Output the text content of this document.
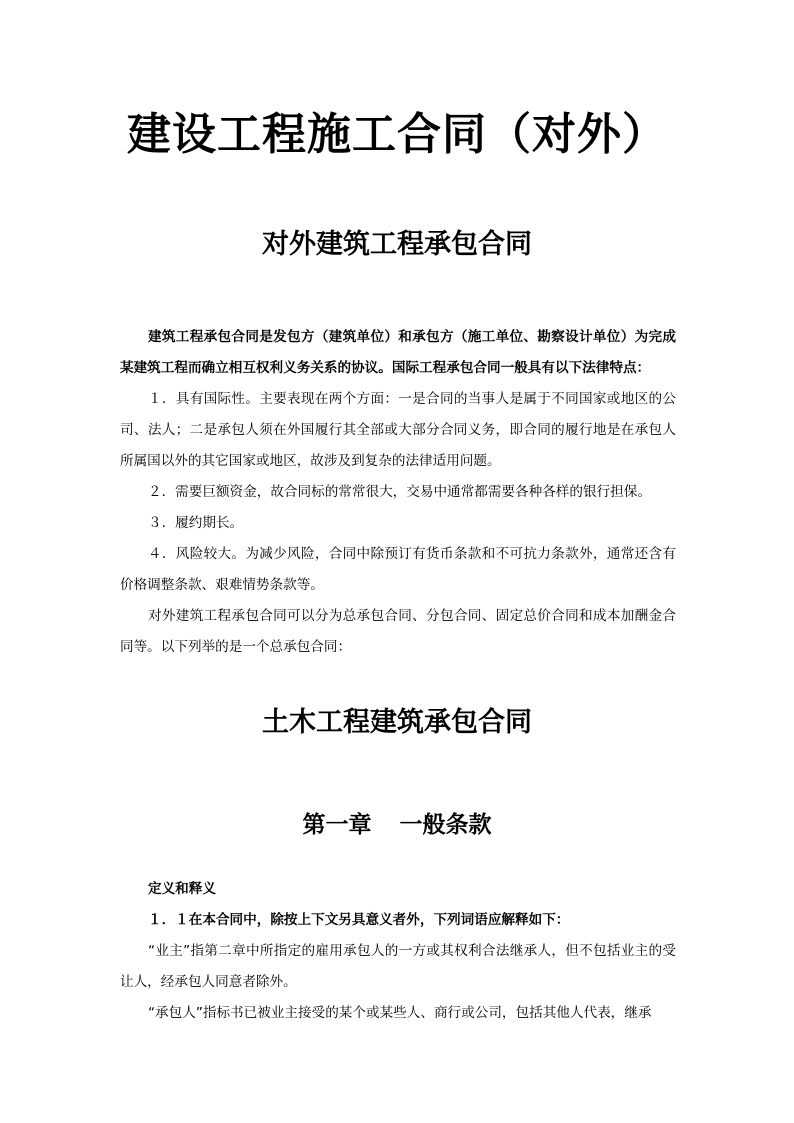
建设工程施工合同（对外）
对外建筑工程承包合同

建筑工程承包合同是发包方（建筑单位）和承包方（施工单位、勘察设计单位）为完成某建筑工程而确立相互权利义务关系的协议。国际工程承包合同一般具有以下法律特点：

１．具有国际性。主要表现在两个方面：一是合同的当事人是属于不同国家或地区的公司、法人；二是承包人须在外国履行其全部或大部分合同义务，即合同的履行地是在承包人所属国以外的其它国家或地区，故涉及到复杂的法律适用问题。

２．需要巨额资金，故合同标的常常很大，交易中通常都需要各种各样的银行担保。

３．履约期长。

４．风险较大。为减少风险，合同中除预订有货币条款和不可抗力条款外，通常还含有价格调整条款、艰难情势条款等。

对外建筑工程承包合同可以分为总承包合同、分包合同、固定总价合同和成本加酬金合同等。以下列举的是一个总承包合同：

土木工程建筑承包合同
第一章 一般条款

定义和释义

１．１在本合同中，除按上下文另具意义者外，下列词语应解释如下：

“业主”指第二章中所指定的雇用承包人的一方或其权利合法继承人，但不包括业主的受让人，经承包人同意者除外。

“承包人”指标书已被业主接受的某个或某些人、商行或公司，包括其他人代表，继承
